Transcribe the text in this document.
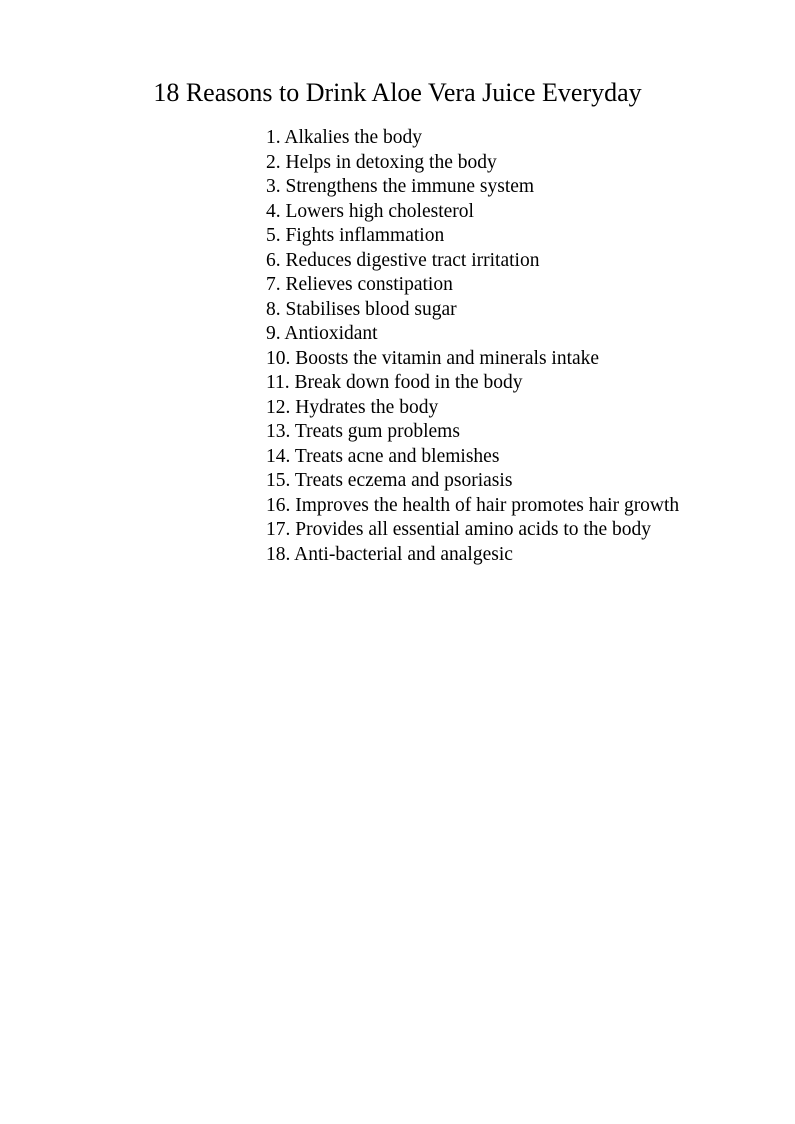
18 Reasons to Drink Aloe Vera Juice Everyday
1. Alkalies the body
2. Helps in detoxing the body
3. Strengthens the immune system
4. Lowers high cholesterol
5. Fights inflammation
6. Reduces digestive tract irritation
7. Relieves constipation
8. Stabilises blood sugar
9. Antioxidant
10. Boosts the vitamin and minerals intake
11. Break down food in the body
12. Hydrates the body
13. Treats gum problems
14. Treats acne and blemishes
15. Treats eczema and psoriasis
16. Improves the health of hair promotes hair growth
17. Provides all essential amino acids to the body
18. Anti-bacterial and analgesic
